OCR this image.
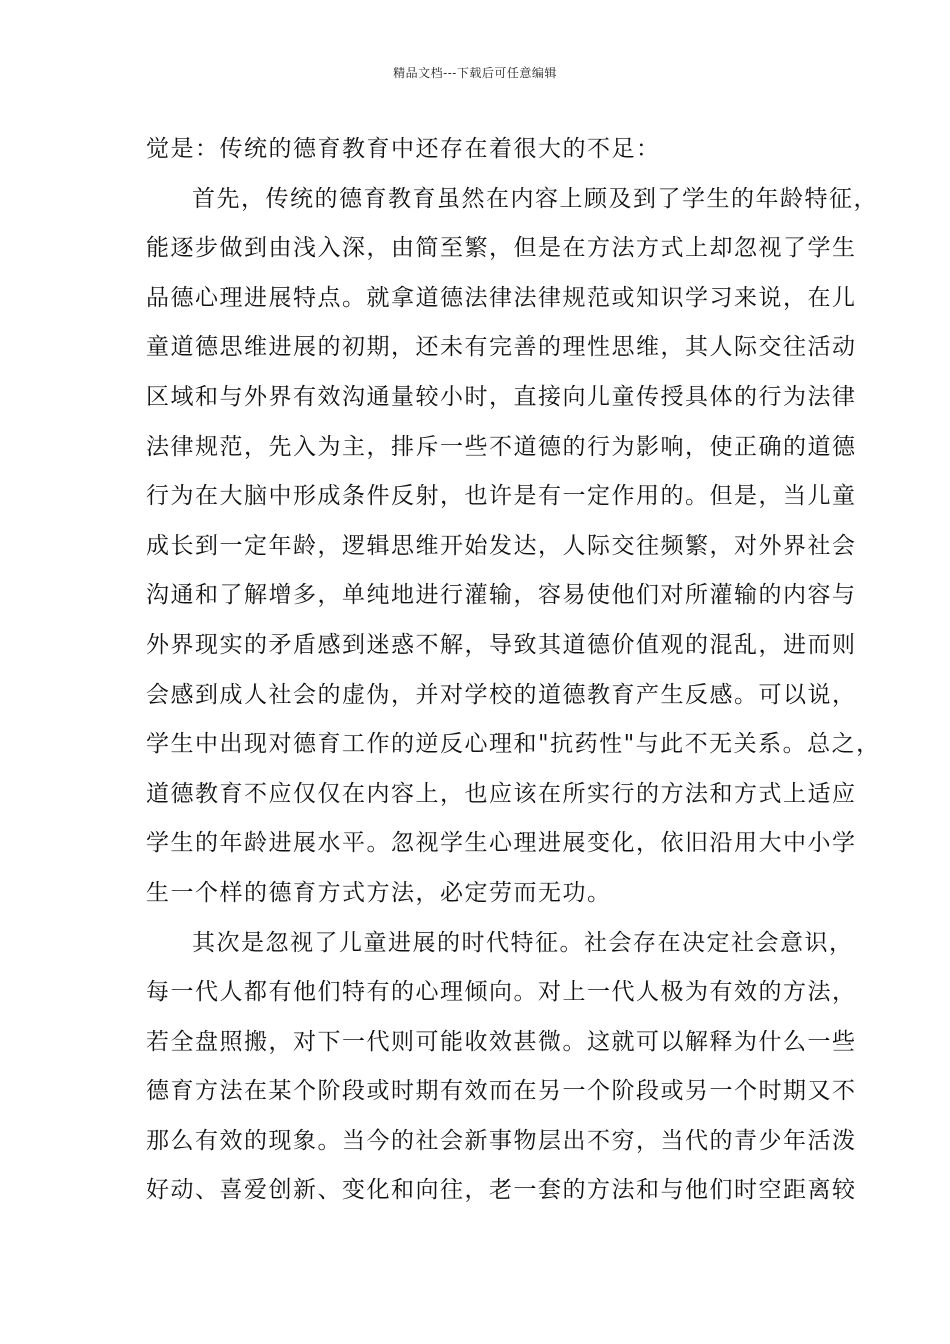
精品文档---下载后可任意编辑
觉是：传统的德育教育中还存在着很大的不足：
首先，传统的德育教育虽然在内容上顾及到了学生的年龄特征，
能逐步做到由浅入深，由简至繁，但是在方法方式上却忽视了学生
品德心理进展特点。就拿道德法律法律规范或知识学习来说，在儿
童道德思维进展的初期，还未有完善的理性思维，其人际交往活动
区域和与外界有效沟通量较小时，直接向儿童传授具体的行为法律
法律规范，先入为主，排斥一些不道德的行为影响，使正确的道德
行为在大脑中形成条件反射，也许是有一定作用的。但是，当儿童
成长到一定年龄，逻辑思维开始发达，人际交往频繁，对外界社会
沟通和了解增多，单纯地进行灌输，容易使他们对所灌输的内容与
外界现实的矛盾感到迷惑不解，导致其道德价值观的混乱，进而则
会感到成人社会的虚伪，并对学校的道德教育产生反感。可以说，
学生中出现对德育工作的逆反心理和"抗药性"与此不无关系。总之，
道德教育不应仅仅在内容上，也应该在所实行的方法和方式上适应
学生的年龄进展水平。忽视学生心理进展变化，依旧沿用大中小学
生一个样的德育方式方法，必定劳而无功。
其次是忽视了儿童进展的时代特征。社会存在决定社会意识，
每一代人都有他们特有的心理倾向。对上一代人极为有效的方法，
若全盘照搬，对下一代则可能收效甚微。这就可以解释为什么一些
德育方法在某个阶段或时期有效而在另一个阶段或另一个时期又不
那么有效的现象。当今的社会新事物层出不穷，当代的青少年活泼
好动、喜爱创新、变化和向往，老一套的方法和与他们时空距离较
